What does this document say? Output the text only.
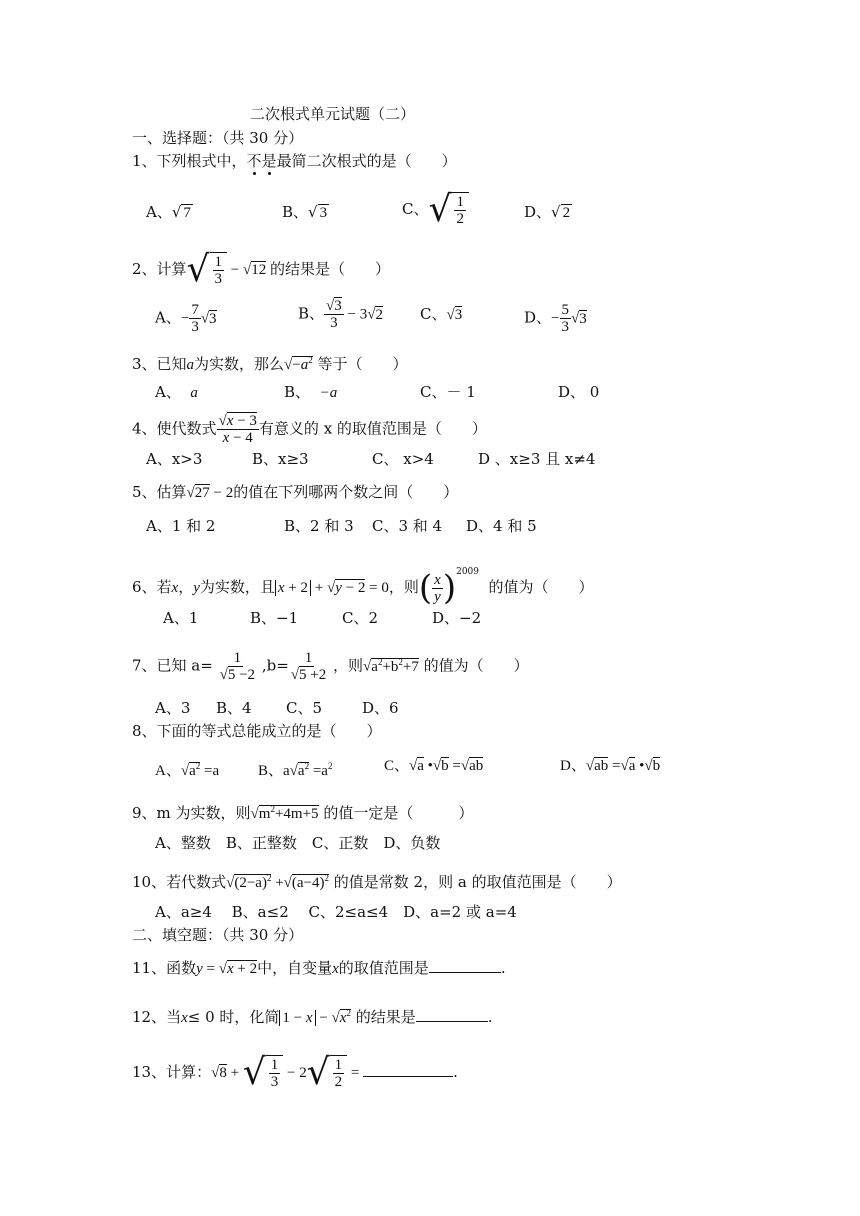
二次根式单元试题（二）
一、选择题：（共 30 分）
1、下列根式中，不是最简二次根式的是（　　）
A、√ 7	B、√ 3	C、 √ $\frac{1}{2}$	D、√ 2
2、计算 √ $\frac{1}{3} - √12$ 的结果是（　　）
A、− $\frac{7}{3} √3$	B、 $\frac{√3}{3} - 3√2$ C、√3	D、− $\frac{5}{3} √3$
3、已知a为实数，那么$√-a^2$ 等于（　　）
A、 a	B、 −a	C、－ 1	D、 0
4、使代数式 $\frac{√x - 3}{x - 4}$ 有意义的 x 的取值范围是（　　）
A、x>3	B、x≥3	C、 x>4	D 、x≥3 且 x≠4
5、估算√27 − 2的值在下列哪两个数之间（　　）
A、1 和 2	B、2 和 3 C、3 和 4 D、4 和 5
6、若x，y为实数，且 x + 2 + √y − 2 = 0，则( $\frac{x}{y} )^{2009}$  的值为（　　）
A、1	B、−1	C、2	D、−2
7、已知 $a= \frac{1}{√5 -2} ,b= \frac{1}{√5 +2}$ ，则$√a^2+b^2+7$ 的值为（　　）
A、3 B、4 C、5	D、6
8、下面的等式总能成立的是（　　）
A、$√a^2 =a$	B、$a√a^2 =a^2$	C、√a •√b =√ab	D、√ab =√a •√b
9、m 为实数，则$√m^2+4m+5$ 的值一定是（　　　）
A、整数　B、正整数　C、正数　D、负数
10、若代数式$√(2-a)^2 +√(a-4)^2$ 的值是常数 2，则 a 的取值范围是（　　）
A、a≥4　 B、a≤2　 C、2≤a≤4　D、a=2 或 a=4
二、填空题：（共 30 分）
11、函数y = √x + 2中，自变量x的取值范围是	.
12、当x≤ 0 时，化简 $1 - x - √x^2$ 的结果是	.
13、计算：√8 + √ $\frac{1}{3} - 2$ √ $\frac{1}{2}$ =	.
